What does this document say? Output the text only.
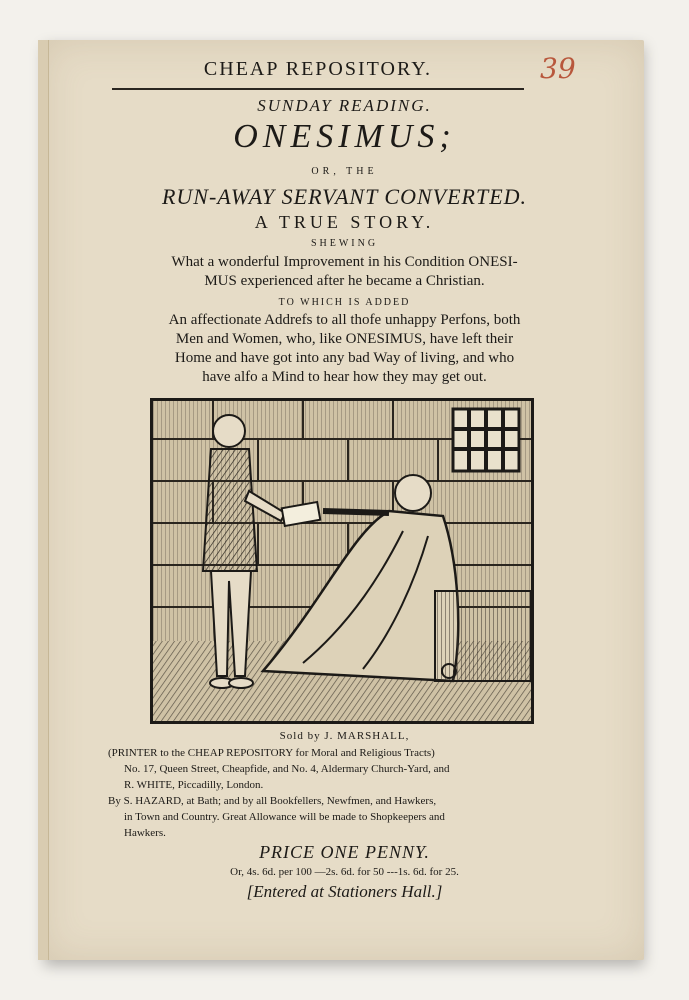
CHEAP REPOSITORY.	39
SUNDAY READING.
ONESIMUS;
OR, THE
RUN-AWAY SERVANT CONVERTED.
A TRUE STORY.
SHEWING
What a wonderful Improvement in his Condition ONESI-
MUS experienced after he became a Christian.
TO WHICH IS ADDED
An affectionate Addrefs to all thofe unhappy Perfons, both
Men and Women, who, like ONESIMUS, have left their
Home and have got into any bad Way of living, and who
have alfo a Mind to hear how they may get out.
Sold by J. MARSHALL,
(PRINTER to the CHEAP REPOSITORY for Moral and Religious Tracts)
No. 17, Queen Street, Cheapfide, and No. 4, Aldermary Church-Yard, and
R. WHITE, Piccadilly, London.
By S. HAZARD, at Bath; and by all Bookfellers, Newfmen, and Hawkers,
in Town and Country. Great Allowance will be made to Shopkeepers and
Hawkers.
PRICE ONE PENNY.
Or, 4s. 6d. per 100 —2s. 6d. for 50 ---1s. 6d. for 25.
[Entered at Stationers Hall.]
